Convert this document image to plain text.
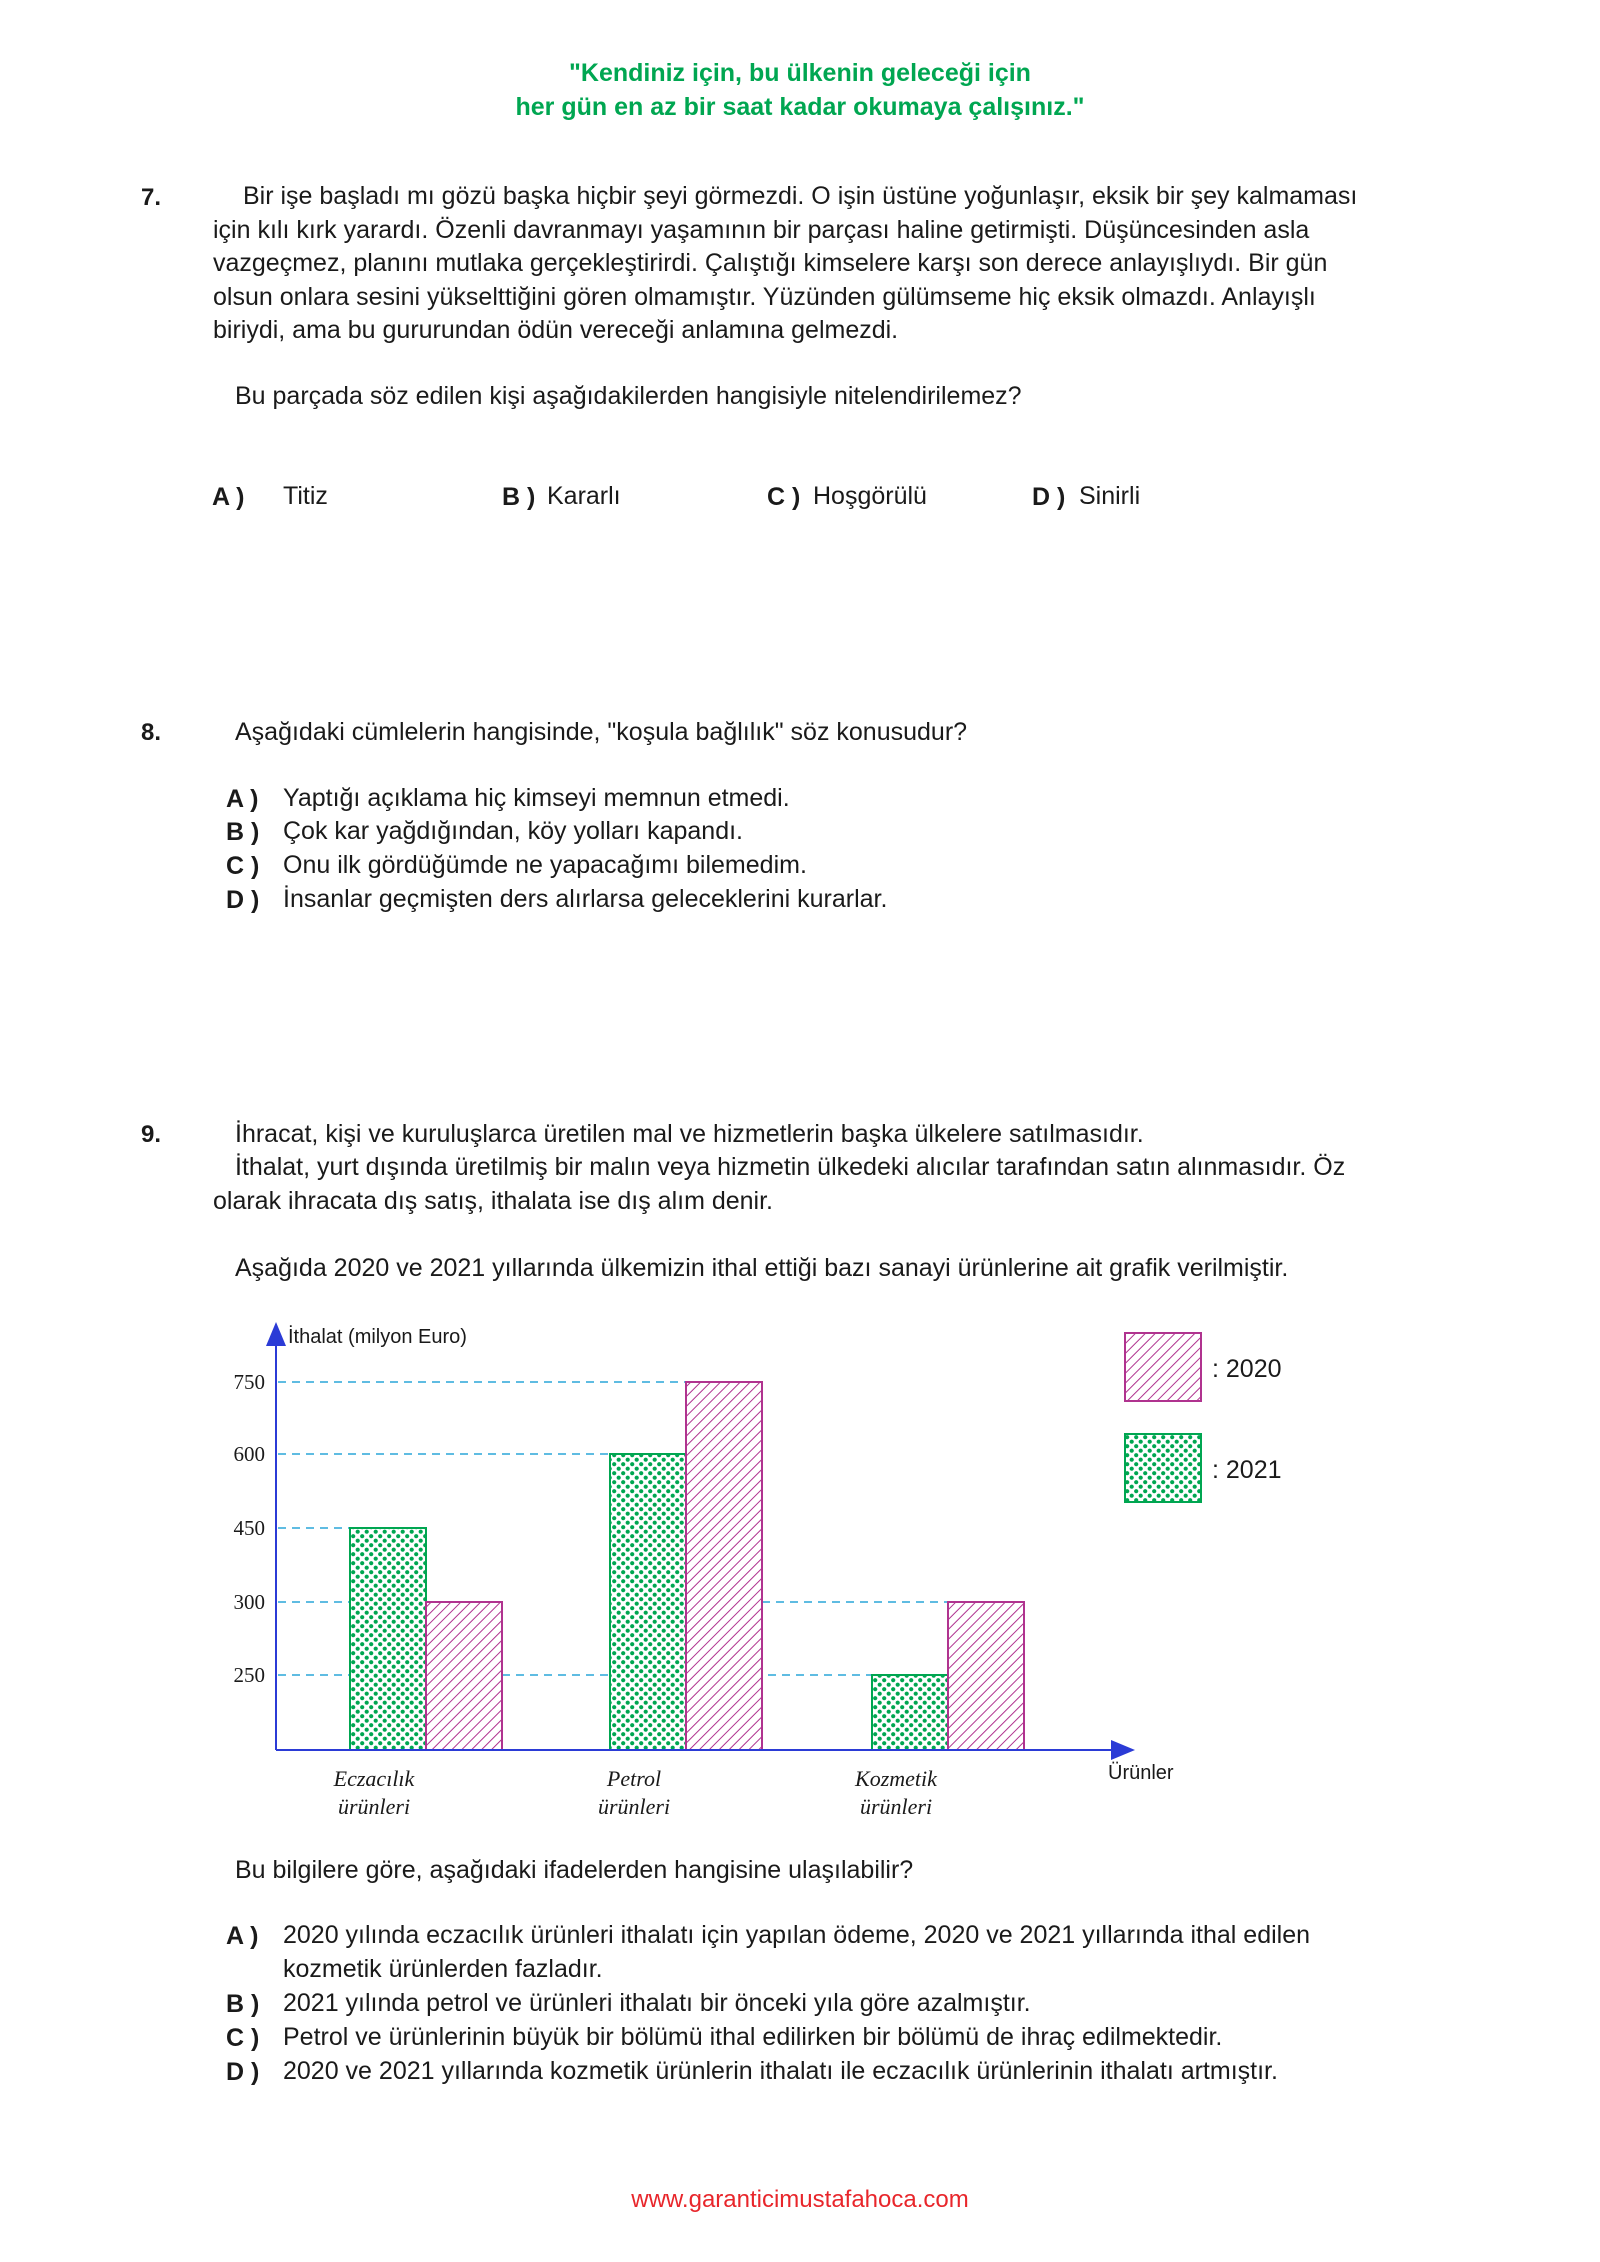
"Kendiniz için, bu ülkenin geleceği için
her gün en az bir saat kadar okumaya çalışınız."
7.	Bir işe başladı mı gözü başka hiçbir şeyi görmezdi. O işin üstüne yoğunlaşır, eksik bir şey kalmaması
için kılı kırk yarardı. Özenli davranmayı yaşamının bir parçası haline getirmişti. Düşüncesinden asla
vazgeçmez, planını mutlaka gerçekleştirirdi. Çalıştığı kimselere karşı son derece anlayışlıydı. Bir gün
olsun onlara sesini yükselttiğini gören olmamıştır. Yüzünden gülümseme hiç eksik olmazdı. Anlayışlı
biriydi, ama bu gururundan ödün vereceği anlamına gelmezdi.
Bu parçada söz edilen kişi aşağıdakilerden hangisiyle nitelendirilemez?
A ) Titiz	B ) Kararlı	C ) Hoşgörülü	D ) Sinirli
8.	Aşağıdaki cümlelerin hangisinde, "koşula bağlılık" söz konusudur?
A ) Yaptığı açıklama hiç kimseyi memnun etmedi.
B ) Çok kar yağdığından, köy yolları kapandı.
C ) Onu ilk gördüğümde ne yapacağımı bilemedim.
D ) İnsanlar geçmişten ders alırlarsa geleceklerini kurarlar.
9.	İhracat, kişi ve kuruluşlarca üretilen mal ve hizmetlerin başka ülkelere satılmasıdır.
İthalat, yurt dışında üretilmiş bir malın veya hizmetin ülkedeki alıcılar tarafından satın alınmasıdır. Öz
olarak ihracata dış satış, ithalata ise dış alım denir.
Aşağıda 2020 ve 2021 yıllarında ülkemizin ithal ettiği bazı sanayi ürünlerine ait grafik verilmiştir.
İthalat (milyon Euro)
Ürünler
250
300
450
600
750
Eczacılık
ürünleri
Petrol
ürünleri
Kozmetik
ürünleri
: 2020
: 2021
Bu bilgilere göre, aşağıdaki ifadelerden hangisine ulaşılabilir?
A ) 2020 yılında eczacılık ürünleri ithalatı için yapılan ödeme, 2020 ve 2021 yıllarında ithal edilen
kozmetik ürünlerden fazladır.
B ) 2021 yılında petrol ve ürünleri ithalatı bir önceki yıla göre azalmıştır.
C ) Petrol ve ürünlerinin büyük bir bölümü ithal edilirken bir bölümü de ihraç edilmektedir.
D ) 2020 ve 2021 yıllarında kozmetik ürünlerin ithalatı ile eczacılık ürünlerinin ithalatı artmıştır.
www.garanticimustafahoca.com
